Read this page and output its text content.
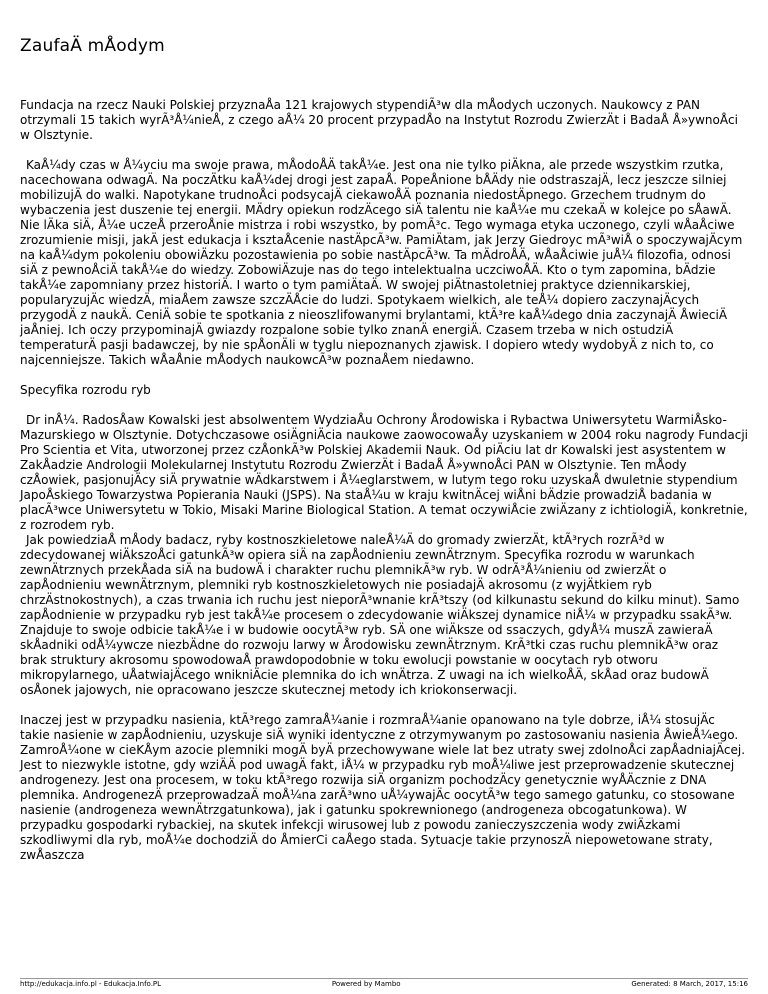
ZaufaÄ mÅodym

Fundacja na rzecz Nauki Polskiej przyznaÅa 121 krajowych stypendiÃ³w dla mÅodych uczonych. Naukowcy z PAN otrzymali 15 takich wyrÃ³Å¼nieÅ, z czego aÅ¼ 20 procent przypadÅo na Instytut Rozrodu ZwierzÄt i BadaÅ Å»ywnoÅci w Olsztynie.

KaÅ¼dy czas w Å¼yciu ma swoje prawa, mÅodoÅÄ takÅ¼e. Jest ona nie tylko piÄkna, ale przede wszystkim rzutka, nacechowana odwagÄ. Na poczÄtku kaÅ¼dej drogi jest zapaÅ. PopeÅnione bÅÄdy nie odstraszajÄ, lecz jeszcze silniej mobilizujÄ do walki. Napotykane trudnoÅci podsycajÄ ciekawoÅÄ poznania niedostÄpnego. Grzechem trudnym do wybaczenia jest duszenie tej energii. MÄdry opiekun rodzÄcego siÄ talentu nie kaÅ¼e mu czekaÄ w kolejce po sÅawÄ. Nie lÄka siÄ, Å¼e uczeÅ przeroÅnie mistrza i robi wszystko, by pomÃ³c. Tego wymaga etyka uczonego, czyli wÅaÅciwe zrozumienie misji, jakÄ jest edukacja i ksztaÅcenie nastÄpcÃ³w. PamiÄtam, jak Jerzy Giedroyc mÃ³wiÅ o spoczywajÄcym na kaÅ¼dym pokoleniu obowiÄzku pozostawienia po sobie nastÄpcÃ³w. Ta mÄdroÅÄ, wÅaÅciwie juÅ¼ filozofia, odnosi siÄ z pewnoÅciÄ takÅ¼e do wiedzy. ZobowiÄzuje nas do tego intelektualna uczciwoÅÄ. Kto o tym zapomina, bÄdzie takÅ¼e zapomniany przez historiÄ. I warto o tym pamiÄtaÄ. W swojej piÄtnastoletniej praktyce dziennikarskiej, popularyzujÄc wiedzÄ, miaÅem zawsze szczÄÅcie do ludzi. Spotykaem wielkich, ale teÅ¼ dopiero zaczynajÄcych przygodÄ z naukÄ. CeniÄ sobie te spotkania z nieoszlifowanymi brylantami, ktÃ³re kaÅ¼dego dnia zaczynajÄ ÅwieciÄ jaÅniej. Ich oczy przypominajÄ gwiazdy rozpalone sobie tylko znanÄ energiÄ. Czasem trzeba w nich ostudziÄ temperaturÄ pasji badawczej, by nie spÅonÄli w tyglu niepoznanych zjawisk. I dopiero wtedy wydobyÄ z nich to, co najcenniejsze. Takich wÅaÅnie mÅodych naukowcÃ³w poznaÅem niedawno.

Specyfika rozrodu ryb

Dr inÅ¼. RadosÅaw Kowalski jest absolwentem WydziaÅu Ochrony Årodowiska i Rybactwa Uniwersytetu WarmiÅsko-Mazurskiego w Olsztynie. Dotychczasowe osiÄgniÄcia naukowe zaowocowaÅy uzyskaniem w 2004 roku nagrody Fundacji Pro Scientia et Vita, utworzonej przez czÅonkÃ³w Polskiej Akademii Nauk. Od piÄciu lat dr Kowalski jest asystentem w ZakÅadzie Andrologii Molekularnej Instytutu Rozrodu ZwierzÄt i BadaÅ Å»ywnoÅci PAN w Olsztynie. Ten mÅody czÅowiek, pasjonujÄcy siÄ prywatnie wÄdkarstwem i Å¼eglarstwem, w lutym tego roku uzyskaÅ dwuletnie stypendium JapoÅskiego Towarzystwa Popierania Nauki (JSPS). Na staÅ¼u w kraju kwitnÄcej wiÅni bÄdzie prowadziÅ badania w placÃ³wce Uniwersytetu w Tokio, Misaki Marine Biological Station. A temat oczywiÅcie zwiÄzany z ichtiologiÄ, konkretnie, z rozrodem ryb.

Jak powiedziaÅ mÅody badacz, ryby kostnoszkieletowe naleÅ¼Ä do gromady zwierzÄt, ktÃ³rych rozrÃ³d w zdecydowanej wiÄkszoÅci gatunkÃ³w opiera siÄ na zapÅodnieniu zewnÄtrznym. Specyfika rozrodu w warunkach zewnÄtrznych przekÅada siÄ na budowÄ i charakter ruchu plemnikÃ³w ryb. W odrÃ³Å¼nieniu od zwierzÄt o zapÅodnieniu wewnÄtrznym, plemniki ryb kostnoszkieletowych nie posiadajÄ akrosomu (z wyjÄtkiem ryb chrzÄstnokostnych), a czas trwania ich ruchu jest nieporÃ³wnanie krÃ³tszy (od kilkunastu sekund do kilku minut). Samo zapÅodnienie w przypadku ryb jest takÅ¼e procesem o zdecydowanie wiÄkszej dynamice niÅ¼ w przypadku ssakÃ³w. Znajduje to swoje odbicie takÅ¼e i w budowie oocytÃ³w ryb. SÄ one wiÄksze od ssaczych, gdyÅ¼ muszÄ zawieraÄ skÅadniki odÅ¼ywcze niezbÄdne do rozwoju larwy w Årodowisku zewnÄtrznym. KrÃ³tki czas ruchu plemnikÃ³w oraz brak struktury akrosomu spowodowaÅ prawdopodobnie w toku ewolucji powstanie w oocytach ryb otworu mikropylarnego, uÅatwiajÄcego wnikniÄcie plemnika do ich wnÄtrza. Z uwagi na ich wielkoÅÄ, skÅad oraz budowÄ osÅonek jajowych, nie opracowano jeszcze skutecznej metody ich kriokonserwacji.

Inaczej jest w przypadku nasienia, ktÃ³rego zamraÅ¼anie i rozmraÅ¼anie opanowano na tyle dobrze, iÅ¼ stosujÄc takie nasienie w zapÅodnieniu, uzyskuje siÄ wyniki identyczne z otrzymywanym po zastosowaniu nasienia ÅwieÅ¼ego. ZamroÅ¼one w cieKÅym azocie plemniki mogÄ byÄ przechowywane wiele lat bez utraty swej zdolnoÅci zapÅadniajÄcej. Jest to niezwykle istotne, gdy wziÄÄ pod uwagÄ fakt, iÅ¼ w przypadku ryb moÅ¼liwe jest przeprowadzenie skutecznej androgenezy. Jest ona procesem, w toku ktÃ³rego rozwija siÄ organizm pochodzÄcy genetycznie wyÅÄcznie z DNA plemnika. AndrogenezÄ przeprowadzaÄ moÅ¼na zarÃ³wno uÅ¼ywajÄc oocytÃ³w tego samego gatunku, co stosowane nasienie (androgeneza wewnÄtrzgatunkowa), jak i gatunku spokrewnionego (androgeneza obcogatunkowa). W przypadku gospodarki rybackiej, na skutek infekcji wirusowej lub z powodu zanieczyszczenia wody zwiÄzkami szkodliwymi dla ryb, moÅ¼e dochodziÄ do ÅmierCi caÅego stada. Sytuacje takie przynoszÄ niepowetowane straty, zwÅaszcza

http://edukacja.info.pl - Edukacja.Info.PL	Powered by Mambo	Generated: 8 March, 2017, 15:16
